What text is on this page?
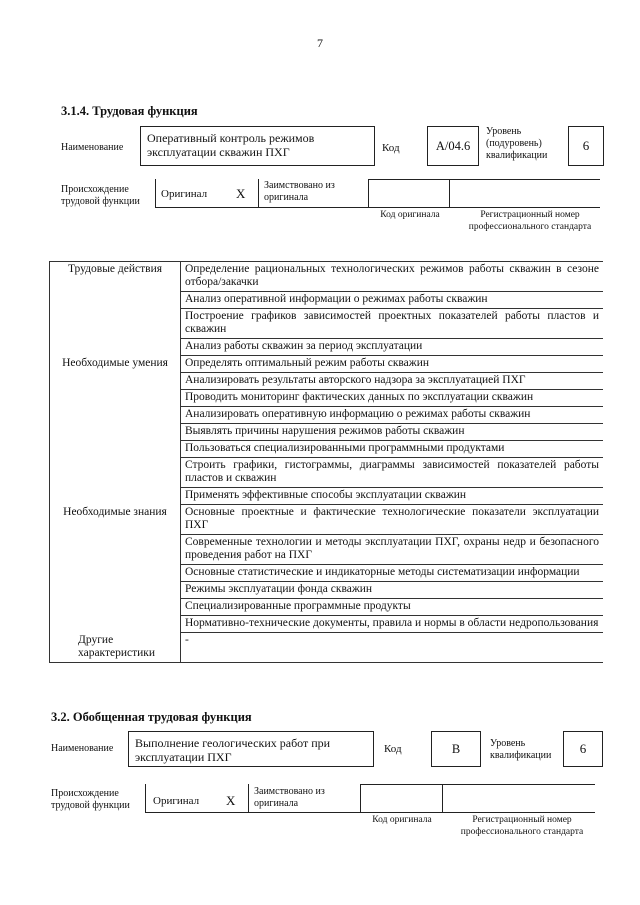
7
3.1.4. Трудовая функция
Наименование
Оперативный контроль режимов эксплуатации скважин ПХГ	Код	А/04.6
Уровень (подуровень) квалификации
6
Происхождение трудовой функции
Оригинал X
Заимствовано из оригинала
Код оригинала	Регистрационный номер профессионального стандарта
Трудовые действия	Определение рациональных технологических режимов работы скважин в сезоне отбора/закачки
	Анализ оперативной информации о режимах работы скважин
	Построение графиков зависимостей проектных показателей работы пластов и скважин
	Анализ работы скважин за период эксплуатации
Необходимые умения	Определять оптимальный режим работы скважин
	Анализировать результаты авторского надзора за эксплуатацией ПХГ
	Проводить мониторинг фактических данных по эксплуатации скважин
	Анализировать оперативную информацию о режимах работы скважин
	Выявлять причины нарушения режимов работы скважин
	Пользоваться специализированными программными продуктами
	Строить графики, гистограммы, диаграммы зависимостей показателей работы пластов и скважин
	Применять эффективные способы эксплуатации скважин
Необходимые знания	Основные проектные и фактические технологические показатели эксплуатации ПХГ
	Современные технологии и методы эксплуатации ПХГ, охраны недр и безопасного проведения работ на ПХГ
	Основные статистические и индикаторные методы систематизации информации
	Режимы эксплуатации фонда скважин
	Специализированные программные продукты
	Нормативно-технические документы, правила и нормы в области недропользования
Другие характеристики	-
3.2. Обобщенная трудовая функция
Наименование	Выполнение геологических работ при эксплуатации ПХГ
Код	В	Уровень квалификации	6
Происхождение трудовой функции	Оригинал X
Заимствовано из оригинала
Код оригинала	Регистрационный номер профессионального стандарта
